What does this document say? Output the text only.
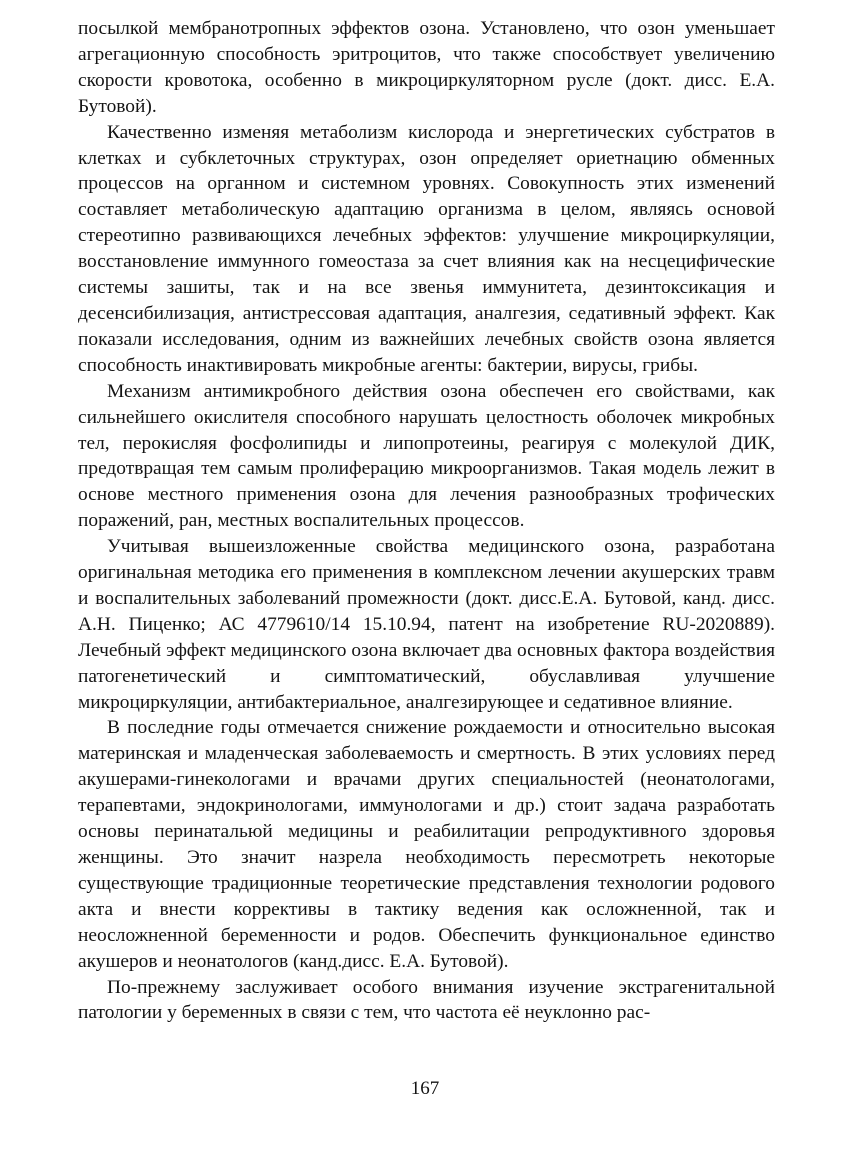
посылкой мембранотропных эффектов озона. Установлено, что озон уменьшает агрегационную способность эритроцитов, что также способствует увеличению скорости кровотока, особенно в микроциркуляторном русле (докт. дисс. Е.А. Бутовой).

Качественно изменяя метаболизм кислорода и энергетических субстратов в клетках и субклеточных структурах, озон определяет ориетнацию обменных процессов на органном и системном уровнях. Совокупность этих изменений составляет метаболическую адаптацию организма в целом, являясь основой стереотипно развивающихся лечебных эффектов: улучшение микроциркуляции, восстановление иммунного гомеостаза за счет влияния как на несцецифические системы зашиты, так и на все звенья иммунитета, дезинтоксикация и десенсибилизация, антистрессовая адаптация, аналгезия, седативный эффект. Как показали исследования, одним из важнейших лечебных свойств озона является способность инактивировать микробные агенты: бактерии, вирусы, грибы.

Механизм антимикробного действия озона обеспечен его свойствами, как сильнейшего окислителя способного нарушать целостность оболочек микробных тел, перокисляя фосфолипиды и липопротеины, реагируя с молекулой ДИК, предотвращая тем самым пролиферацию микроорганизмов. Такая модель лежит в основе местного применения озона для лечения разнообразных трофических поражений, ран, местных воспалительных процессов.

Учитывая вышеизложенные свойства медицинского озона, разработана оригинальная методика его применения в комплексном лечении акушерских травм и воспалительных заболеваний промежности (докт. дисс.Е.А. Бутовой, канд. дисс. А.Н. Пиценко; АС 4779610/14 15.10.94, патент на изобретение RU-2020889). Лечебный эффект медицинского озона включает два основных фактора воздействия патогенетический и симптоматический, обуславливая улучшение микроциркуляции, антибактериальное, аналгезирующее и седативное влияние.

В последние годы отмечается снижение рождаемости и относительно высокая материнская и младенческая заболеваемость и смертность. В этих условиях перед акушерами-гинекологами и врачами других специальностей (неонатологами, терапевтами, эндокринологами, иммунологами и др.) стоит задача разработать основы перинатальюй медицины и реабилитации репродуктивного здоровья женщины. Это значит назрела необходимость пересмотреть некоторые существующие традиционные теоретические представления технологии родового акта и внести коррективы в тактику ведения как осложненной, так и неосложненной беременности и родов. Обеспечить функциональное единство акушеров и неонатологов (канд.дисс. Е.А. Бутовой).

По-прежнему заслуживает особого внимания изучение экстрагенитальной патологии у беременных в связи с тем, что частота её неуклонно рас-

167
